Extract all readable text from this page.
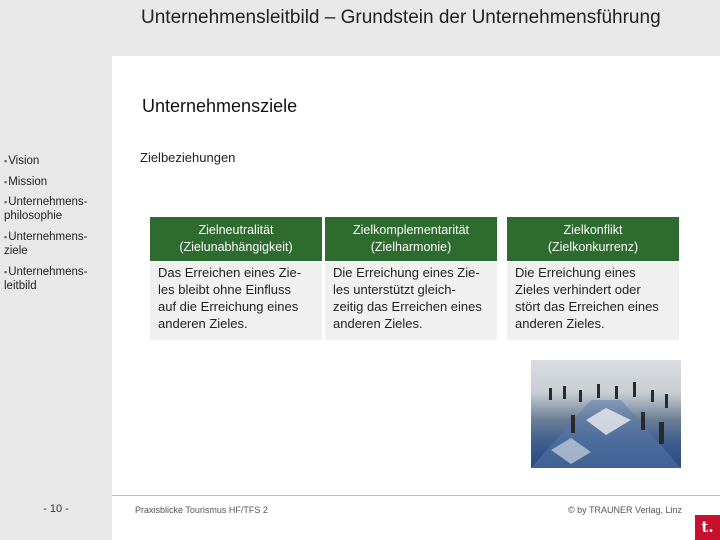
Unternehmensleitbild – Grundstein der Unternehmensführung
▪Vision
▪Mission
▪Unternehmens-
philosophie
▪Unternehmens-
ziele
▪Unternehmens-
leitbild
Unternehmensziele
Zielbeziehungen
Zielneutralität
(Zielunabhängigkeit)
Zielkomplementarität
(Zielharmonie)
Zielkonflikt
(Zielkonkurrenz)
Das Erreichen eines Zie-
les bleibt ohne Einfluss
auf die Erreichung eines
anderen Zieles.
Die Erreichung eines Zie-
les unterstützt gleich-
zeitig das Erreichen eines
anderen Zieles.
Die Erreichung eines
Zieles verhindert oder
stört das Erreichen eines
anderen Zieles.
- 10 -	Praxisblicke Tourismus HF/TFS 2	© by TRAUNER Verlag, Linz
t.
